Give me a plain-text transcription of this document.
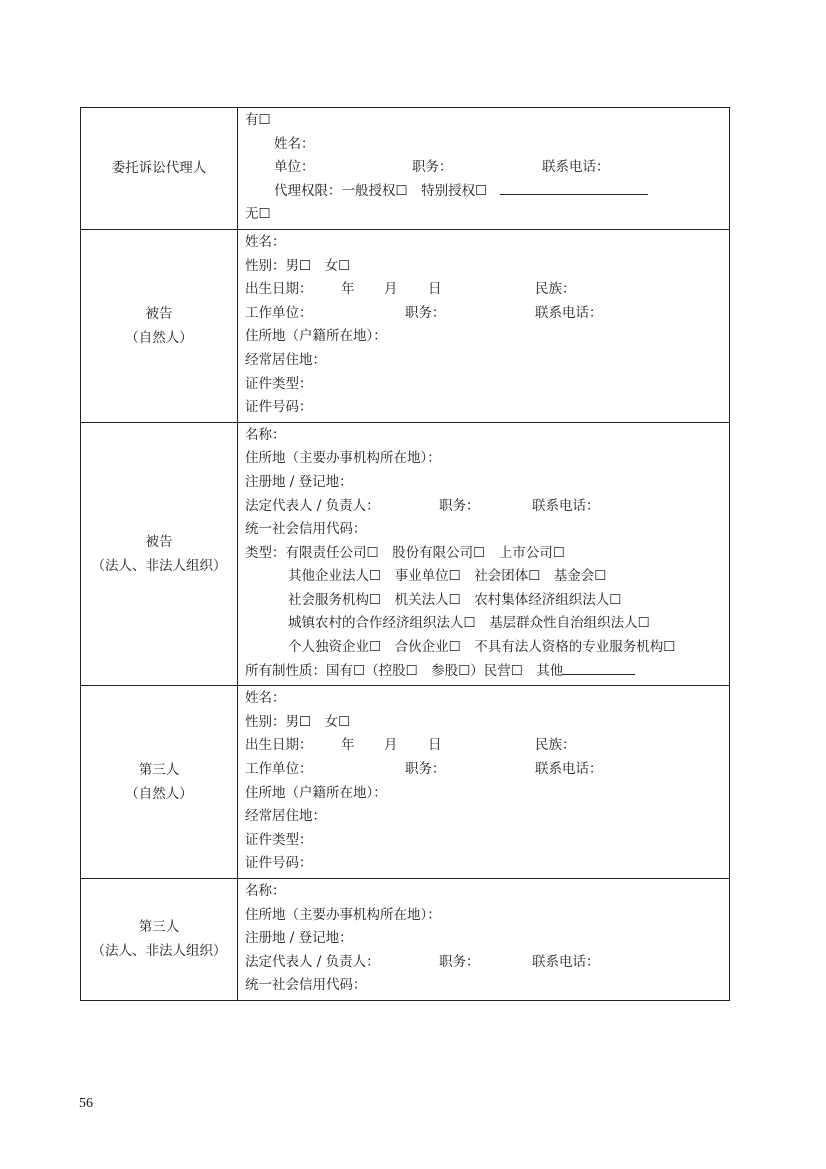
委托诉讼代理人
有☐
姓名：
单位：	职务：	联系电话：
代理权限：一般授权☐　特别授权☐
无☐
被告
（自然人）
姓名：
性别：男☐　女☐
出生日期： 年 月 日	民族：
工作单位：	职务：	联系电话：
住所地（户籍所在地）：
经常居住地：
证件类型：
证件号码：
被告
（法人、非法人组织）
名称：
住所地（主要办事机构所在地）：
注册地 / 登记地：
法定代表人 / 负责人：	职务：	联系电话：
统一社会信用代码：
类型：有限责任公司☐　股份有限公司☐　上市公司☐
其他企业法人☐　事业单位☐　社会团体☐　基金会☐
社会服务机构☐　机关法人☐　农村集体经济组织法人☐
城镇农村的合作经济组织法人☐　基层群众性自治组织法人☐
个人独资企业☐　合伙企业☐　不具有法人资格的专业服务机构☐
所有制性质：国有☐（控股☐　参股☐）民营☐　其他
第三人
（自然人）
姓名：
性别：男☐　女☐
出生日期： 年 月 日	民族：
工作单位：	职务：	联系电话：
住所地（户籍所在地）：
经常居住地：
证件类型：
证件号码：
第三人
（法人、非法人组织）
名称：
住所地（主要办事机构所在地）：
注册地 / 登记地：
法定代表人 / 负责人：	职务：	联系电话：
统一社会信用代码：
56
